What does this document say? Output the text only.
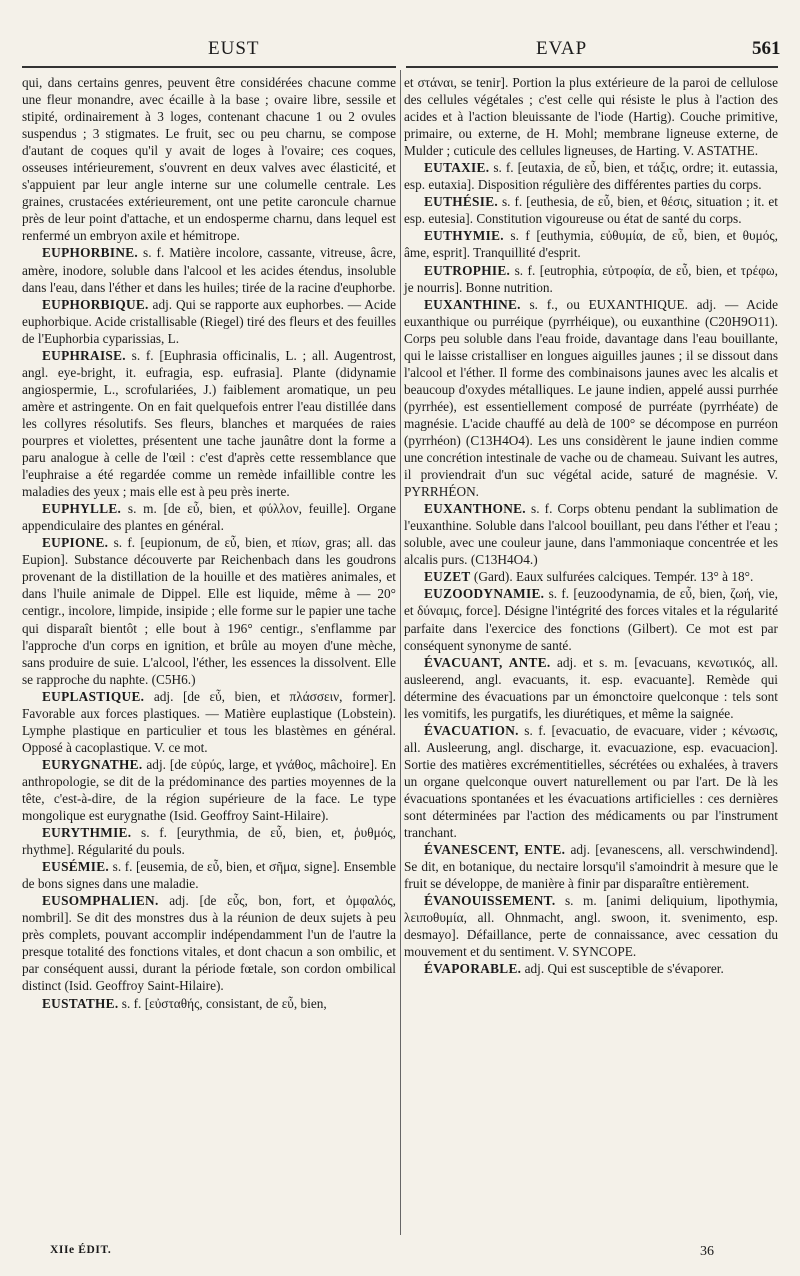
EUST	EVAP	561

qui, dans certains genres, peuvent être considérées chacune comme une fleur monandre, avec écaille à la base ; ovaire libre, sessile et stipité, ordinairement à 3 loges, contenant chacune 1 ou 2 ovules suspendus ; 3 stigmates. Le fruit, sec ou peu charnu, se compose d'autant de coques qu'il y avait de loges à l'ovaire; ces coques, osseuses intérieurement, s'ouvrent en deux valves avec élasticité, et s'appuient par leur angle interne sur une columelle centrale. Les graines, crustacées extérieurement, ont une petite caroncule charnue près de leur point d'attache, et un endosperme charnu, dans lequel est renfermé un embryon axile et hémitrope.

EUPHORBINE. s. f. Matière incolore, cassante, vitreuse, âcre, amère, inodore, soluble dans l'alcool et les acides étendus, insoluble dans l'eau, dans l'éther et dans les huiles; tirée de la racine d'euphorbe.

EUPHORBIQUE. adj. Qui se rapporte aux euphorbes. — Acide euphorbique. Acide cristallisable (Riegel) tiré des fleurs et des feuilles de l'Euphorbia cyparissias, L.

EUPHRAISE. s. f. [Euphrasia officinalis, L. ; all. Augentrost, angl. eye-bright, it. eufragia, esp. eufrasia]. Plante (didynamie angiospermie, L., scrofulariées, J.) faiblement aromatique, un peu amère et astringente. On en fait quelquefois entrer l'eau distillée dans les collyres résolutifs. Ses fleurs, blanches et marquées de raies pourpres et violettes, présentent une tache jaunâtre dont la forme a paru analogue à celle de l'œil : c'est d'après cette ressemblance que l'euphraise a été regardée comme un remède infaillible contre les maladies des yeux ; mais elle est à peu près inerte.

EUPHYLLE. s. m. [de εὖ, bien, et φύλλον, feuille]. Organe appendiculaire des plantes en général.

EUPIONE. s. f. [eupionum, de εὖ, bien, et πίων, gras; all. das Eupion]. Substance découverte par Reichenbach dans les goudrons provenant de la distillation de la houille et des matières animales, et dans l'huile animale de Dippel. Elle est liquide, même à — 20° centigr., incolore, limpide, insipide ; elle forme sur le papier une tache qui disparaît bientôt ; elle bout à 196° centigr., s'enflamme par l'approche d'un corps en ignition, et brûle au moyen d'une mèche, sans produire de suie. L'alcool, l'éther, les essences la dissolvent. Elle se rapproche du naphte. (C5H6.)

EUPLASTIQUE. adj. [de εὖ, bien, et πλάσσειν, former]. Favorable aux forces plastiques. — Matière euplastique (Lobstein). Lymphe plastique en particulier et tous les blastèmes en général. Opposé à cacoplastique. V. ce mot.

EURYGNATHE. adj. [de εὐρύς, large, et γνάθος, mâchoire]. En anthropologie, se dit de la prédominance des parties moyennes de la tête, c'est-à-dire, de la région supérieure de la face. Le type mongolique est eurygnathe (Isid. Geoffroy Saint-Hilaire).

EURYTHMIE. s. f. [eurythmia, de εὖ, bien, et, ῥυθμός, rhythme]. Régularité du pouls.

EUSÉMIE. s. f. [eusemia, de εὖ, bien, et σῆμα, signe]. Ensemble de bons signes dans une maladie.

EUSOMPHALIEN. adj. [de εὖς, bon, fort, et ὀμφαλός, nombril]. Se dit des monstres dus à la réunion de deux sujets à peu près complets, pouvant accomplir indépendamment l'un de l'autre la presque totalité des fonctions vitales, et dont chacun a son ombilic, et par conséquent aussi, durant la période fœtale, son cordon ombilical distinct (Isid. Geoffroy Saint-Hilaire).

EUSTATHE. s. f. [εὐσταθής, consistant, de εὖ, bien,

et στάναι, se tenir]. Portion la plus extérieure de la paroi de cellulose des cellules végétales ; c'est celle qui résiste le plus à l'action des acides et à l'action bleuissante de l'iode (Hartig). Couche primitive, primaire, ou externe, de H. Mohl; membrane ligneuse externe, de Mulder ; cuticule des cellules ligneuses, de Harting. V. ASTATHE.

EUTAXIE. s. f. [eutaxia, de εὖ, bien, et τάξις, ordre; it. eutassia, esp. eutaxia]. Disposition régulière des différentes parties du corps.

EUTHÉSIE. s. f. [euthesia, de εὖ, bien, et θέσις, situation ; it. et esp. eutesia]. Constitution vigoureuse ou état de santé du corps.

EUTHYMIE. s. f [euthymia, εὐθυμία, de εὖ, bien, et θυμός, âme, esprit]. Tranquillité d'esprit.

EUTROPHIE. s. f. [eutrophia, εὐτροφία, de εὖ, bien, et τρέφω, je nourris]. Bonne nutrition.

EUXANTHINE. s. f., ou EUXANTHIQUE. adj. — Acide euxanthique ou purréique (pyrrhéique), ou euxanthine (C20H9O11). Corps peu soluble dans l'eau froide, davantage dans l'eau bouillante, qui le laisse cristalliser en longues aiguilles jaunes ; il se dissout dans l'alcool et l'éther. Il forme des combinaisons jaunes avec les alcalis et beaucoup d'oxydes métalliques. Le jaune indien, appelé aussi purrhée (pyrrhée), est essentiellement composé de purréate (pyrrhéate) de magnésie. L'acide chauffé au delà de 100° se décompose en purréon (pyrrhéon) (C13H4O4). Les uns considèrent le jaune indien comme une concrétion intestinale de vache ou de chameau. Suivant les autres, il proviendrait d'un suc végétal acide, saturé de magnésie. V. PYRRHÉON.

EUXANTHONE. s. f. Corps obtenu pendant la sublimation de l'euxanthine. Soluble dans l'alcool bouillant, peu dans l'éther et l'eau ; soluble, avec une couleur jaune, dans l'ammoniaque concentrée et les alcalis purs. (C13H4O4.)

EUZET (Gard). Eaux sulfurées calciques. Tempér. 13° à 18°.

EUZOODYNAMIE. s. f. [euzoodynamia, de εὖ, bien, ζωή, vie, et δύναμις, force]. Désigne l'intégrité des forces vitales et la régularité parfaite dans l'exercice des fonctions (Gilbert). Ce mot est par conséquent synonyme de santé.

ÉVACUANT, ANTE. adj. et s. m. [evacuans, κενωτικός, all. ausleerend, angl. evacuants, it. esp. evacuante]. Remède qui détermine des évacuations par un émonctoire quelconque : tels sont les vomitifs, les purgatifs, les diurétiques, et même la saignée.

ÉVACUATION. s. f. [evacuatio, de evacuare, vider ; κένωσις, all. Ausleerung, angl. discharge, it. evacuazione, esp. evacuacion]. Sortie des matières excrémentitielles, sécrétées ou exhalées, à travers un organe quelconque ouvert naturellement ou par l'art. De là les évacuations spontanées et les évacuations artificielles : ces dernières sont déterminées par l'action des médicaments ou par l'instrument tranchant.

ÉVANESCENT, ENTE. adj. [evanescens, all. verschwindend]. Se dit, en botanique, du nectaire lorsqu'il s'amoindrit à mesure que le fruit se développe, de manière à finir par disparaître entièrement.

ÉVANOUISSEMENT. s. m. [animi deliquium, lipothymia, λειποθυμία, all. Ohnmacht, angl. swoon, it. svenimento, esp. desmayo]. Défaillance, perte de connaissance, avec cessation du mouvement et du sentiment. V. SYNCOPE.

ÉVAPORABLE. adj. Qui est susceptible de s'évaporer.

XIIe ÉDIT.	36
